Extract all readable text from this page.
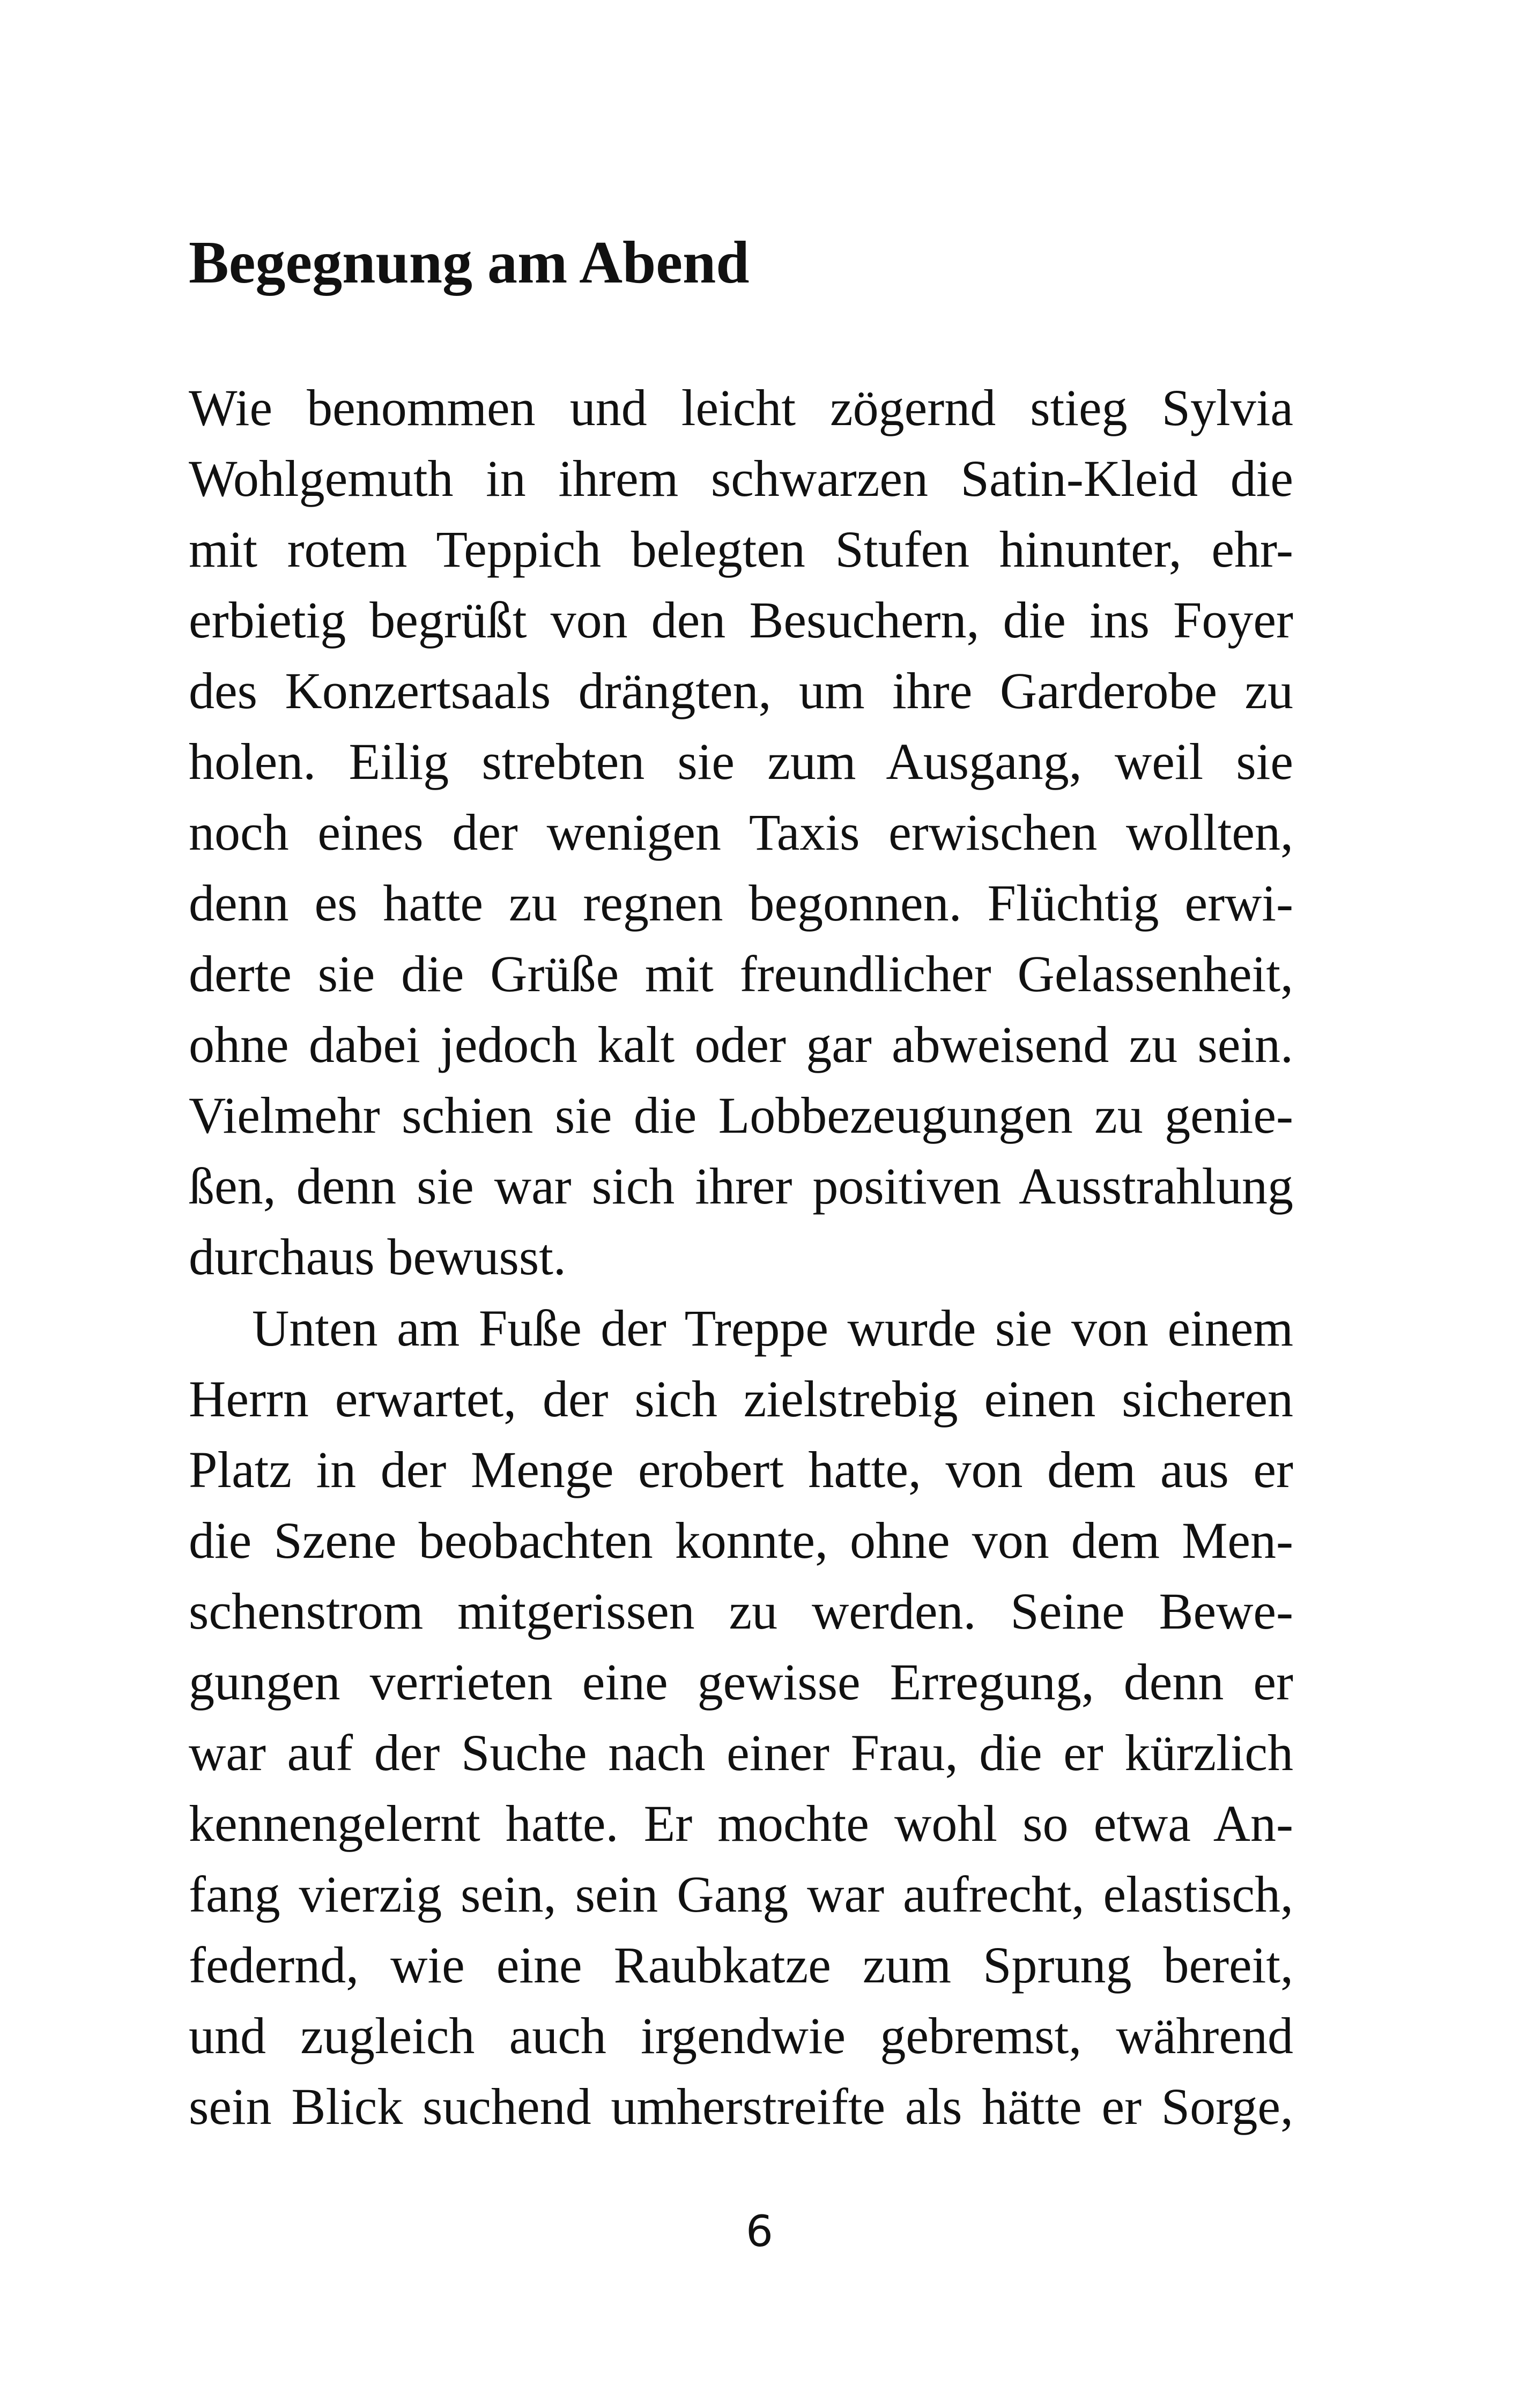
Begegnung am Abend
Wie benommen und leicht zögernd stieg Sylvia
Wohlgemuth in ihrem schwarzen Satin-Kleid die
mit rotem Teppich belegten Stufen hinunter, ehr-
erbietig begrüßt von den Besuchern, die ins Foyer
des Konzertsaals drängten, um ihre Garderobe zu
holen. Eilig strebten sie zum Ausgang, weil sie
noch eines der wenigen Taxis erwischen wollten,
denn es hatte zu regnen begonnen. Flüchtig erwi-
derte sie die Grüße mit freundlicher Gelassenheit,
ohne dabei jedoch kalt oder gar abweisend zu sein.
Vielmehr schien sie die Lobbezeugungen zu genie-
ßen, denn sie war sich ihrer positiven Ausstrahlung
durchaus bewusst.
Unten am Fuße der Treppe wurde sie von einem
Herrn erwartet, der sich zielstrebig einen sicheren
Platz in der Menge erobert hatte, von dem aus er
die Szene beobachten konnte, ohne von dem Men-
schenstrom mitgerissen zu werden. Seine Bewe-
gungen verrieten eine gewisse Erregung, denn er
war auf der Suche nach einer Frau, die er kürzlich
kennengelernt hatte. Er mochte wohl so etwa An-
fang vierzig sein, sein Gang war aufrecht, elastisch,
federnd, wie eine Raubkatze zum Sprung bereit,
und zugleich auch irgendwie gebremst, während
sein Blick suchend umherstreifte als hätte er Sorge,
6
